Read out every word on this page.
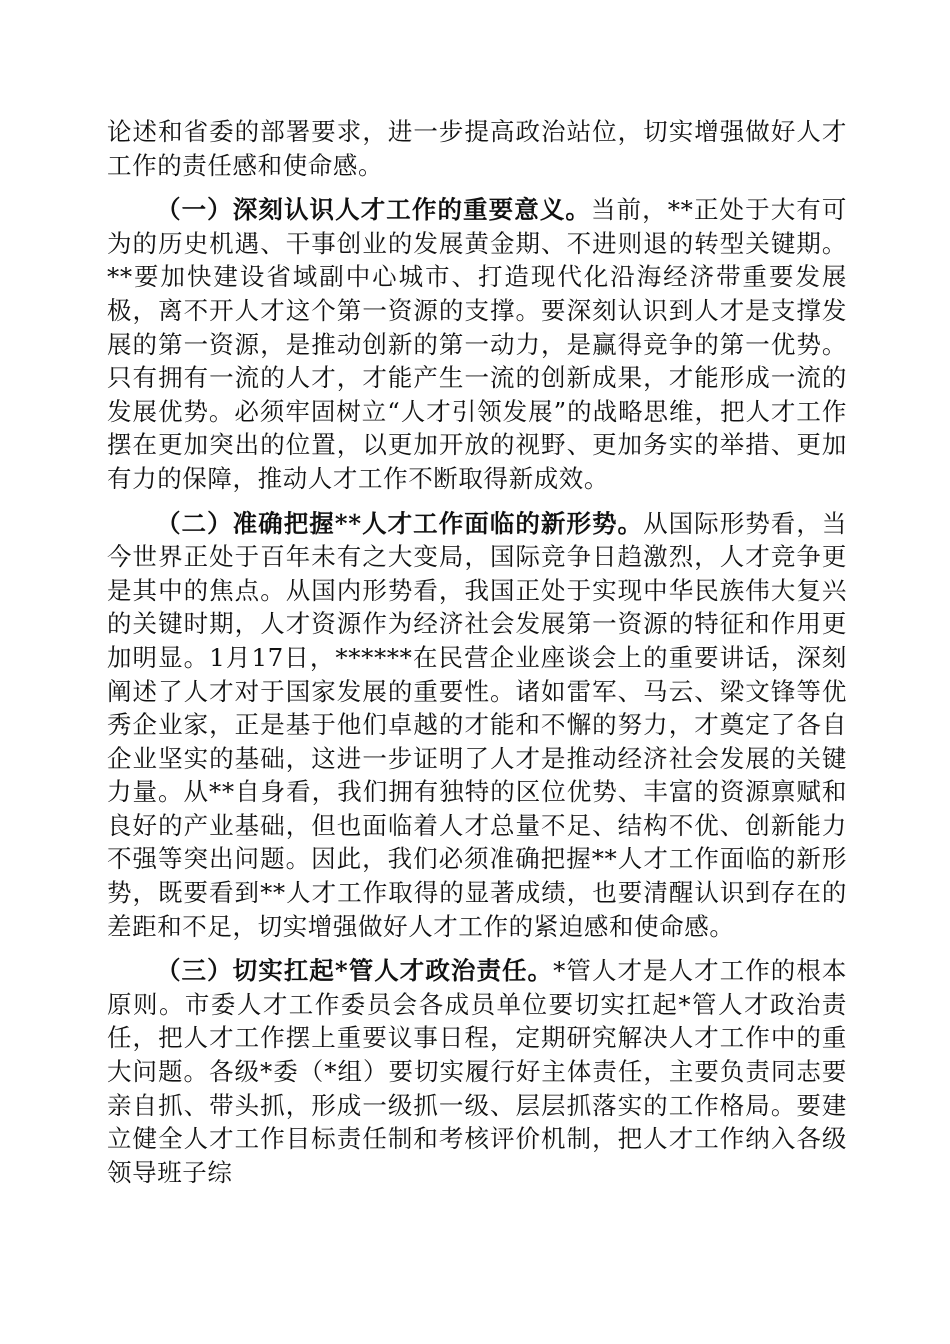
论述和省委的部署要求，进一步提高政治站位，切实增强做好人才工作的责任感和使命感。

（一）深刻认识人才工作的重要意义。当前，**正处于大有可为的历史机遇、干事创业的发展黄金期、不进则退的转型关键期。**要加快建设省域副中心城市、打造现代化沿海经济带重要发展极，离不开人才这个第一资源的支撑。要深刻认识到人才是支撑发展的第一资源，是推动创新的第一动力，是赢得竞争的第一优势。只有拥有一流的人才，才能产生一流的创新成果，才能形成一流的发展优势。必须牢固树立“人才引领发展”的战略思维，把人才工作摆在更加突出的位置，以更加开放的视野、更加务实的举措、更加有力的保障，推动人才工作不断取得新成效。

（二）准确把握**人才工作面临的新形势。从国际形势看，当今世界正处于百年未有之大变局，国际竞争日趋激烈，人才竞争更是其中的焦点。从国内形势看，我国正处于实现中华民族伟大复兴的关键时期，人才资源作为经济社会发展第一资源的特征和作用更加明显。1月17日，******在民营企业座谈会上的重要讲话，深刻阐述了人才对于国家发展的重要性。诸如雷军、马云、梁文锋等优秀企业家，正是基于他们卓越的才能和不懈的努力，才奠定了各自企业坚实的基础，这进一步证明了人才是推动经济社会发展的关键力量。从**自身看，我们拥有独特的区位优势、丰富的资源禀赋和良好的产业基础，但也面临着人才总量不足、结构不优、创新能力不强等突出问题。因此，我们必须准确把握**人才工作面临的新形势，既要看到**人才工作取得的显著成绩，也要清醒认识到存在的差距和不足，切实增强做好人才工作的紧迫感和使命感。

（三）切实扛起*管人才政治责任。*管人才是人才工作的根本原则。市委人才工作委员会各成员单位要切实扛起*管人才政治责任，把人才工作摆上重要议事日程，定期研究解决人才工作中的重大问题。各级*委（*组）要切实履行好主体责任，主要负责同志要亲自抓、带头抓，形成一级抓一级、层层抓落实的工作格局。要建立健全人才工作目标责任制和考核评价机制，把人才工作纳入各级领导班子综
